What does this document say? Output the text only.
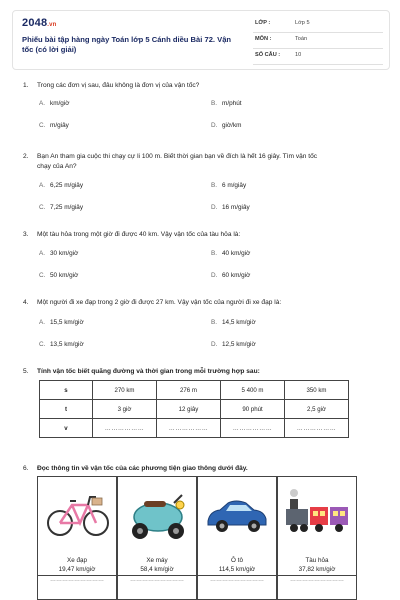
2048.vn
Phiếu bài tập hàng ngày Toán lớp 5 Cánh diều Bài 72. Vận tốc (có lời giải)
LỚP :	Lớp 5
MÔN :	Toán
SỐ CÂU :	10
1. Trong các đơn vị sau, đâu không là đơn vị của vận tốc?
A. km/giờ	B. m/phút
C. m/giây	D. giờ/km
2. Bạn An tham gia cuộc thi chạy cự li 100 m. Biết thời gian bạn về đích là hết 16 giây. Tìm vận tốc
chạy của An?
A. 6,25 m/giây	B. 6 m/giây
C. 7,25 m/giây	D. 16 m/giây
3. Một tàu hỏa trong một giờ đi được 40 km. Vậy vận tốc của tàu hỏa là:
A. 30 km/giờ	B. 40 km/giờ
C. 50 km/giờ	D. 60 km/giờ
4. Một người đi xe đạp trong 2 giờ đi được 27 km. Vậy vận tốc của người đi xe đạp là:
A. 15,5 km/giờ	B. 14,5 km/giờ
C. 13,5 km/giờ	D. 12,5 km/giờ
5. Tính vận tốc biết quãng đường và thời gian trong mỗi trường hợp sau:
s	270 km	276 m	5 400 m	350 km
t	3 giờ	12 giây	90 phút	2,5 giờ
v	………………	………………	………………	………………
6. Đọc thông tin về vận tốc của các phương tiện giao thông dưới đây.
Xe đạp
19,47 km/giờ
………………………
Xe máy
58,4 km/giờ
………………………
Ô tô
114,5 km/giờ
………………………
Tàu hỏa
37,82 km/giờ
………………………
